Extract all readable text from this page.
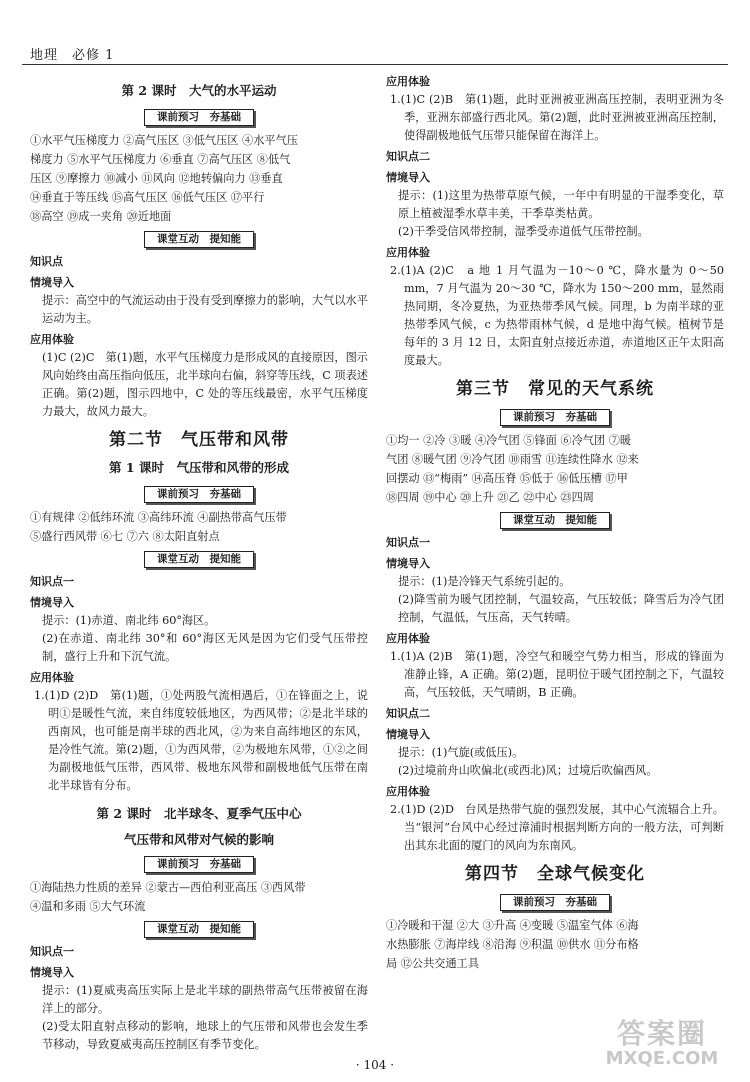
地理　必修 1
第 2 课时　大气的水平运动
课前预习　夯基础

①水平气压梯度力 ②高气压区 ③低气压区 ④水平气压

梯度力 ⑤水平气压梯度力 ⑥垂直 ⑦高气压区 ⑧低气

压区 ⑨摩擦力 ⑩减小 ⑪风向 ⑫地转偏向力 ⑬垂直

⑭垂直于等压线 ⑮高气压区 ⑯低气压区 ⑰平行

⑱高空 ⑲成一夹角 ⑳近地面

课堂互动　提知能
知识点
情境导入

提示：高空中的气流运动由于没有受到摩擦力的影响，大气以水平运动为主。

应用体验

(1)C (2)C　第(1)题，水平气压梯度力是形成风的直接原因，图示风向始终由高压指向低压，北半球向右偏，斜穿等压线，C 项表述正确。第(2)题，图示四地中，C 处的等压线最密，水平气压梯度力最大，故风力最大。

第二节　气压带和风带
第 1 课时　气压带和风带的形成
课前预习　夯基础

①有规律 ②低纬环流 ③高纬环流 ④副热带高气压带

⑤盛行西风带 ⑥七 ⑦六 ⑧太阳直射点

课堂互动　提知能
知识点一
情境导入

提示：(1)赤道、南北纬 60°海区。

(2)在赤道、南北纬 30°和 60°海区无风是因为它们受气压带控制，盛行上升和下沉气流。

应用体验

1.(1)D (2)D　第(1)题，①处两股气流相遇后，①在锋面之上，说明①是暖性气流，来自纬度较低地区，为西风带；②是北半球的西南风，也可能是南半球的西北风，②为来自高纬地区的东风，是冷性气流。第(2)题，①为西风带，②为极地东风带，①②之间为副极地低气压带，西风带、极地东风带和副极地低气压带在南北半球皆有分布。

第 2 课时　北半球冬、夏季气压中心
气压带和风带对气候的影响
课前预习　夯基础

①海陆热力性质的差异 ②蒙古—西伯利亚高压 ③西风带

④温和多雨 ⑤大气环流

课堂互动　提知能
知识点一
情境导入

提示：(1)夏威夷高压实际上是北半球的副热带高气压带被留在海洋上的部分。

(2)受太阳直射点移动的影响，地球上的气压带和风带也会发生季节移动，导致夏威夷高压控制区有季节变化。

应用体验

1.(1)C (2)B　第(1)题，此时亚洲被亚洲高压控制，表明亚洲为冬季，亚洲东部盛行西北风。第(2)题，此时亚洲被亚洲高压控制，使得副极地低气压带只能保留在海洋上。

知识点二
情境导入

提示：(1)这里为热带草原气候，一年中有明显的干湿季变化，草原上植被湿季水草丰美，干季草类枯黄。

(2)干季受信风带控制，湿季受赤道低气压带控制。

应用体验

2.(1)A (2)C　a 地 1 月气温为－10～0 ℃，降水量为 0～50 mm，7 月气温为 20～30 ℃，降水为 150～200 mm，显然雨热同期，冬冷夏热，为亚热带季风气候。同理，b 为南半球的亚热带季风气候，c 为热带雨林气候，d 是地中海气候。植树节是每年的 3 月 12 日，太阳直射点接近赤道，赤道地区正午太阳高度最大。

第三节　常见的天气系统
课前预习　夯基础

①均一 ②冷 ③暖 ④冷气团 ⑤锋面 ⑥冷气团 ⑦暖

气团 ⑧暖气团 ⑨冷气团 ⑩雨雪 ⑪连续性降水 ⑫来

回摆动 ⑬“梅雨” ⑭高压脊 ⑮低于 ⑯低压槽 ⑰甲

⑱四周 ⑲中心 ⑳上升 ㉑乙 ㉒中心 ㉓四周

课堂互动　提知能
知识点一
情境导入

提示：(1)是冷锋天气系统引起的。

(2)降雪前为暖气团控制，气温较高，气压较低；降雪后为冷气团控制，气温低，气压高，天气转晴。

应用体验

1.(1)A (2)B　第(1)题，冷空气和暖空气势力相当，形成的锋面为准静止锋，A 正确。第(2)题，昆明位于暖气团控制之下，气温较高，气压较低，天气晴朗，B 正确。

知识点二
情境导入

提示：(1)气旋(或低压)。

(2)过境前舟山吹偏北(或西北)风；过境后吹偏西风。

应用体验

2.(1)D (2)D　台风是热带气旋的强烈发展，其中心气流辐合上升。当“银河”台风中心经过漳浦时根据判断方向的一般方法，可判断出其东北面的厦门的风向为东南风。

第四节　全球气候变化
课前预习　夯基础

①冷暖和干湿 ②大 ③升高 ④变暖 ⑤温室气体 ⑥海

水热膨胀 ⑦海岸线 ⑧沿海 ⑨积温 ⑩供水 ⑪分布格

局 ⑫公共交通工具

· 104 ·
答案圈
MXQE.COM
